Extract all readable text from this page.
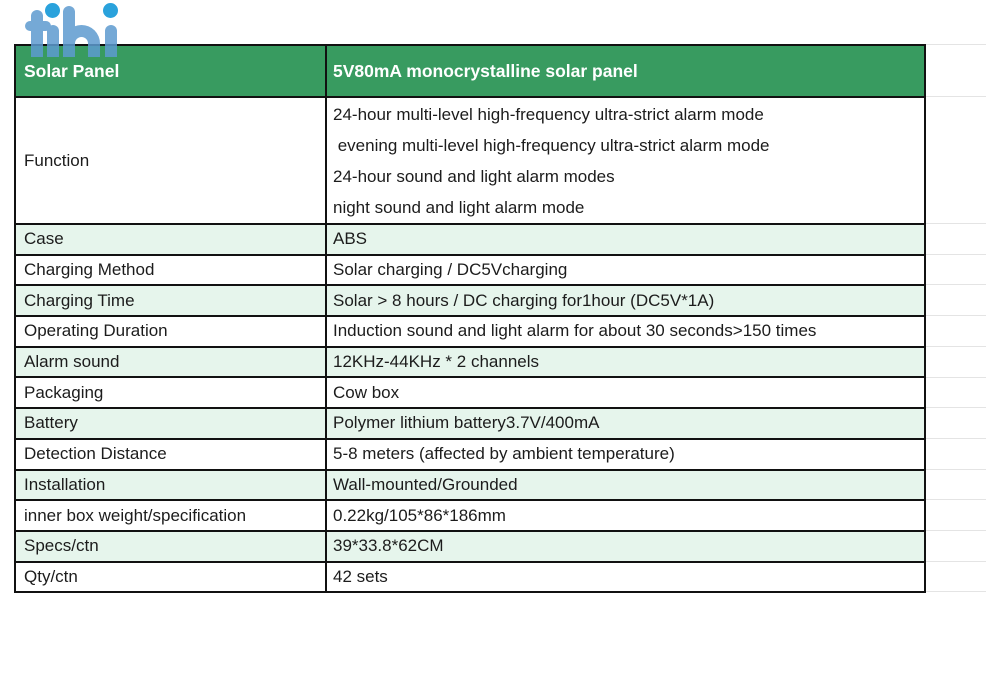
Solar Panel	5V80mA monocrystalline solar panel
Function	24-hour multi-level high-frequency ultra-strict alarm mode
evening multi-level high-frequency ultra-strict alarm mode
24-hour sound and light alarm modes
night sound and light alarm mode

Case	ABS
Charging Method	Solar charging / DC5Vcharging
Charging Time	Solar > 8 hours / DC charging for1hour (DC5V*1A)
Operating Duration	Induction sound and light alarm for about 30 seconds>150 times
Alarm sound	12KHz-44KHz * 2 channels
Packaging	Cow box
Battery	Polymer lithium battery3.7V/400mA
Detection Distance	5-8 meters (affected by ambient temperature)
Installation	Wall-mounted/Grounded
inner box weight/specification	0.22kg/105*86*186mm
Specs/ctn	39*33.8*62CM
Qty/ctn	42 sets
